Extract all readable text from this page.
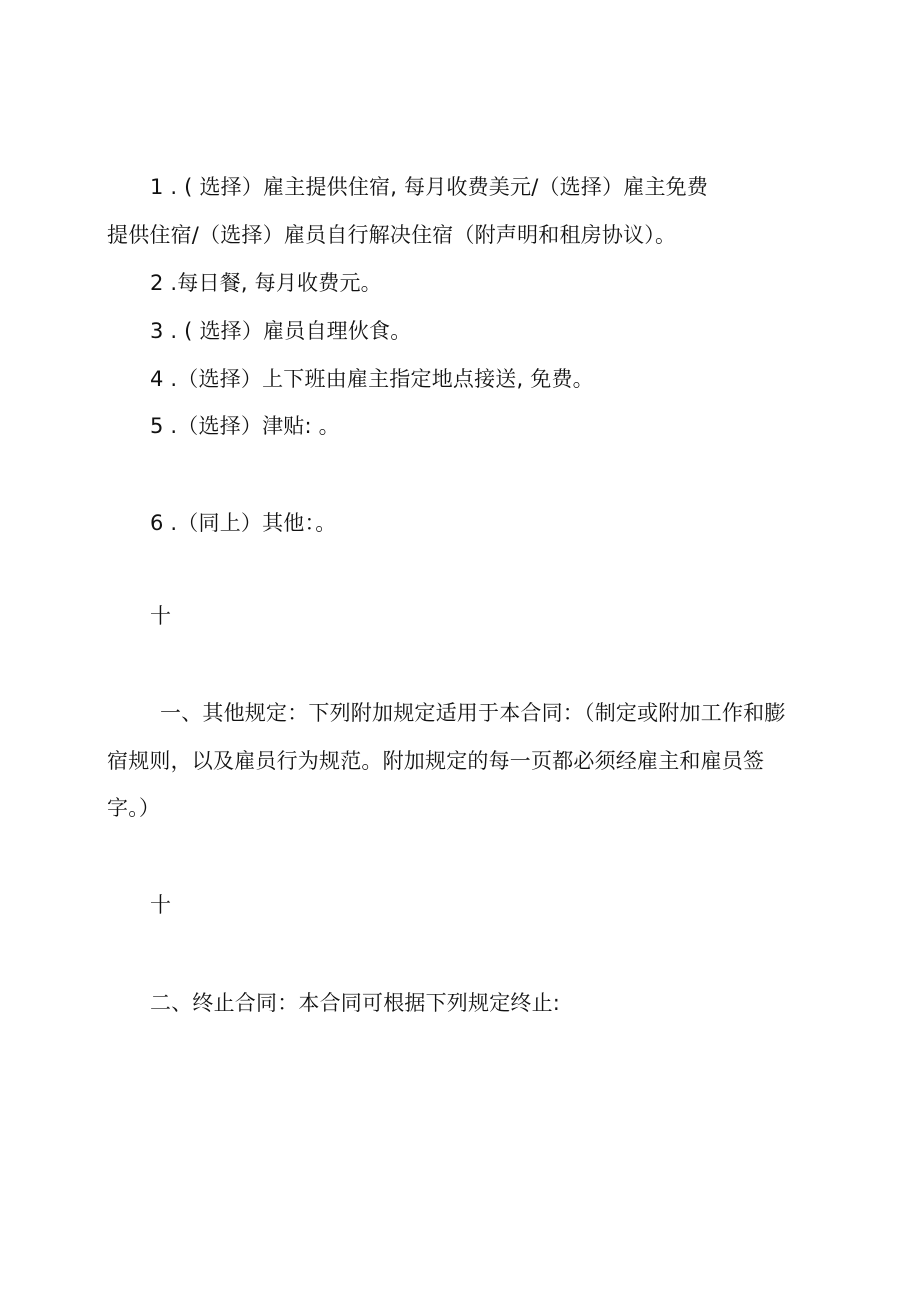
1 . ( 选择）雇主提供住宿, 每月收费美元/（选择）雇主免费
提供住宿/（选择）雇员自行解决住宿（附声明和租房协议）。
2 .每日餐, 每月收费元。
3 . ( 选择）雇员自理伙食。
4 .（选择）上下班由雇主指定地点接送, 免费。
5 .（选择）津贴: 。
6 .（同上）其他：。
十
一、其他规定：下列附加规定适用于本合同：（制定或附加工作和膨
宿规则，以及雇员行为规范。附加规定的每一页都必须经雇主和雇员签
字。）
十
二、终止合同：本合同可根据下列规定终止:
